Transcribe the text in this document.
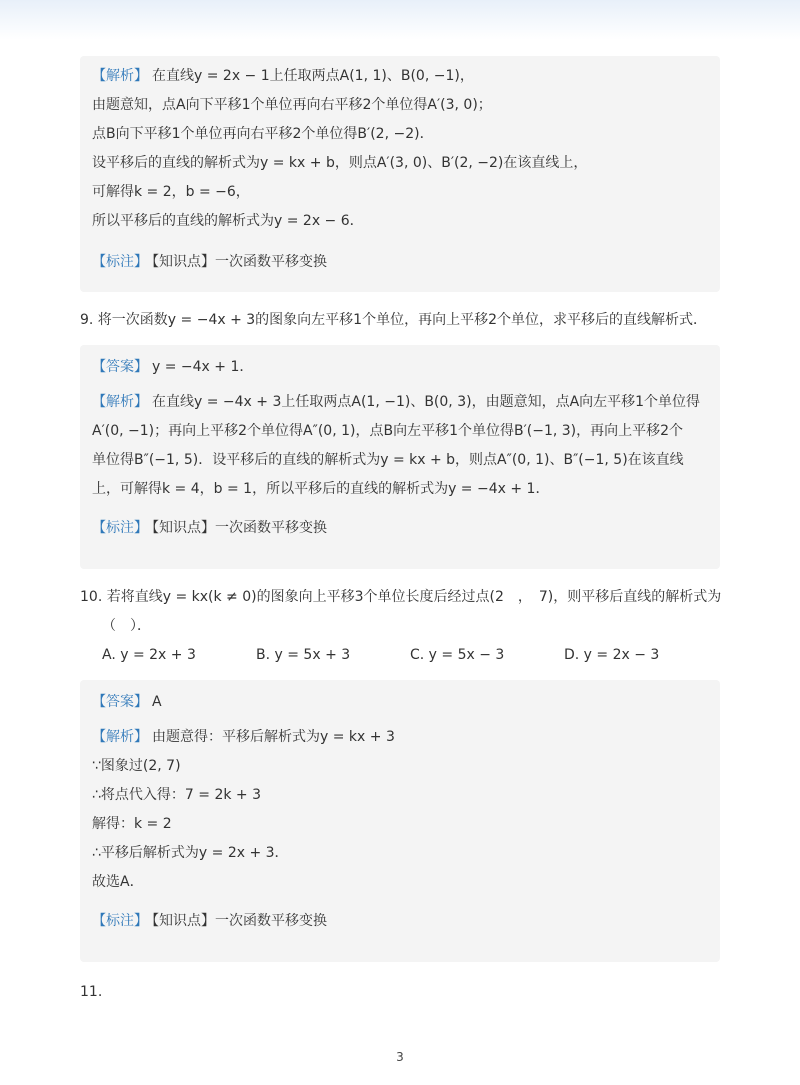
【解析】 在直线y = 2x − 1上任取两点A(1, 1)、B(0, −1)，
由题意知，点A向下平移1个单位再向右平移2个单位得A′(3, 0)；
点B向下平移1个单位再向右平移2个单位得B′(2, −2)．
设平移后的直线的解析式为y = kx + b，则点A′(3, 0)、B′(2, −2)在该直线上，
可解得k = 2，b = −6，
所以平移后的直线的解析式为y = 2x − 6．
【标注】 【知识点】一次函数平移变换
9. 将一次函数y = −4x + 3的图象向左平移1个单位，再向上平移2个单位，求平移后的直线解析式．
【答案】 y = −4x + 1．
【解析】 在直线y = −4x + 3上任取两点A(1, −1)、B(0, 3)，由题意知，点A向左平移1个单位得
A′(0, −1)；再向上平移2个单位得A″(0, 1)，点B向左平移1个单位得B′(−1, 3)，再向上平移2个
单位得B″(−1, 5)．设平移后的直线的解析式为y = kx + b，则点A″(0, 1)、B″(−1, 5)在该直线
上，可解得k = 4，b = 1，所以平移后的直线的解析式为y = −4x + 1．
【标注】 【知识点】一次函数平移变换
10. 若将直线y = kx(k ≠ 0)的图象向上平移3个单位长度后经过点(2　，　7)，则平移后直线的解析式为
（　）．
A. y = 2x + 3	B. y = 5x + 3	C. y = 5x − 3	D. y = 2x − 3
【答案】 A
【解析】 由题意得：平移后解析式为y = kx + 3
∵图象过(2, 7)
∴将点代入得：7 = 2k + 3
解得：k = 2
∴平移后解析式为y = 2x + 3．
故选A．
【标注】 【知识点】一次函数平移变换
11.
3
